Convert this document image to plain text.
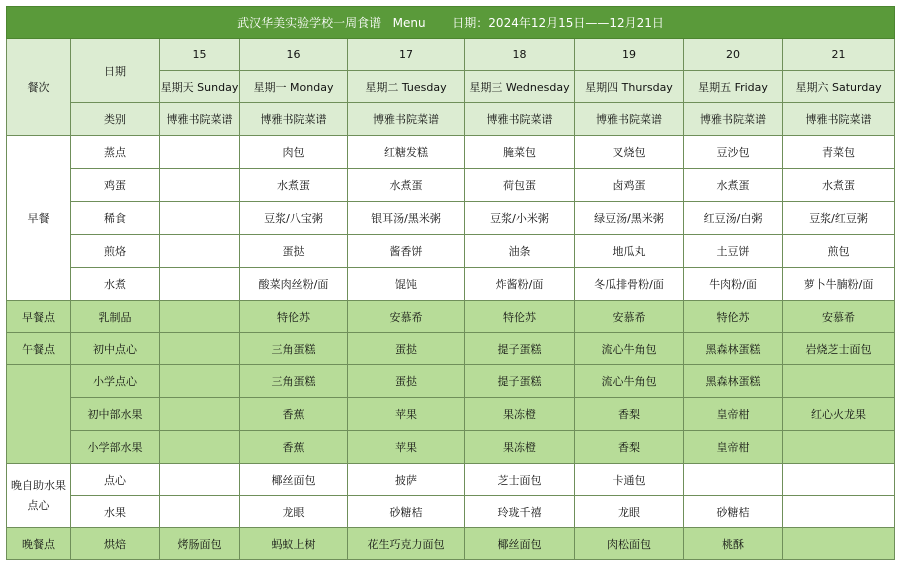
武汉华美实验学校一周食谱 Menu 日期：2024年12月15日——12月21日								
餐次	日期	15	16	17	18	19	20	21
		星期天 Sunday	星期一 Monday	星期二 Tuesday	星期三 Wednesday	星期四 Thursday	星期五 Friday	星期六 Saturday
	类别	博雅书院菜谱	博雅书院菜谱	博雅书院菜谱	博雅书院菜谱	博雅书院菜谱	博雅书院菜谱	博雅书院菜谱
早餐	蒸点		肉包	红糖发糕	腌菜包	叉烧包	豆沙包	青菜包
	鸡蛋		水煮蛋	水煮蛋	荷包蛋	卤鸡蛋	水煮蛋	水煮蛋
	稀食		豆浆/八宝粥	银耳汤/黑米粥	豆浆/小米粥	绿豆汤/黑米粥	红豆汤/白粥	豆浆/红豆粥
	煎烙		蛋挞	酱香饼	油条	地瓜丸	土豆饼	煎包
	水煮		酸菜肉丝粉/面	馄饨	炸酱粉/面	冬瓜排骨粉/面	牛肉粉/面	萝卜牛腩粉/面
早餐点	乳制品		特伦苏	安慕希	特伦苏	安慕希	特伦苏	安慕希
午餐点	初中点心		三角蛋糕	蛋挞	提子蛋糕	流心牛角包	黑森林蛋糕	岩烧芝士面包
	小学点心		三角蛋糕	蛋挞	提子蛋糕	流心牛角包	黑森林蛋糕	
	初中部水果		香蕉	苹果	果冻橙	香梨	皇帝柑	红心火龙果
	小学部水果		香蕉	苹果	果冻橙	香梨	皇帝柑	
晚自助水果点心	点心		椰丝面包	披萨	芝士面包	卡通包		
	水果		龙眼	砂糖桔	玲珑千禧	龙眼	砂糖桔	
晚餐点	烘焙	烤肠面包	蚂蚁上树	花生巧克力面包	椰丝面包	肉松面包	桃酥	
